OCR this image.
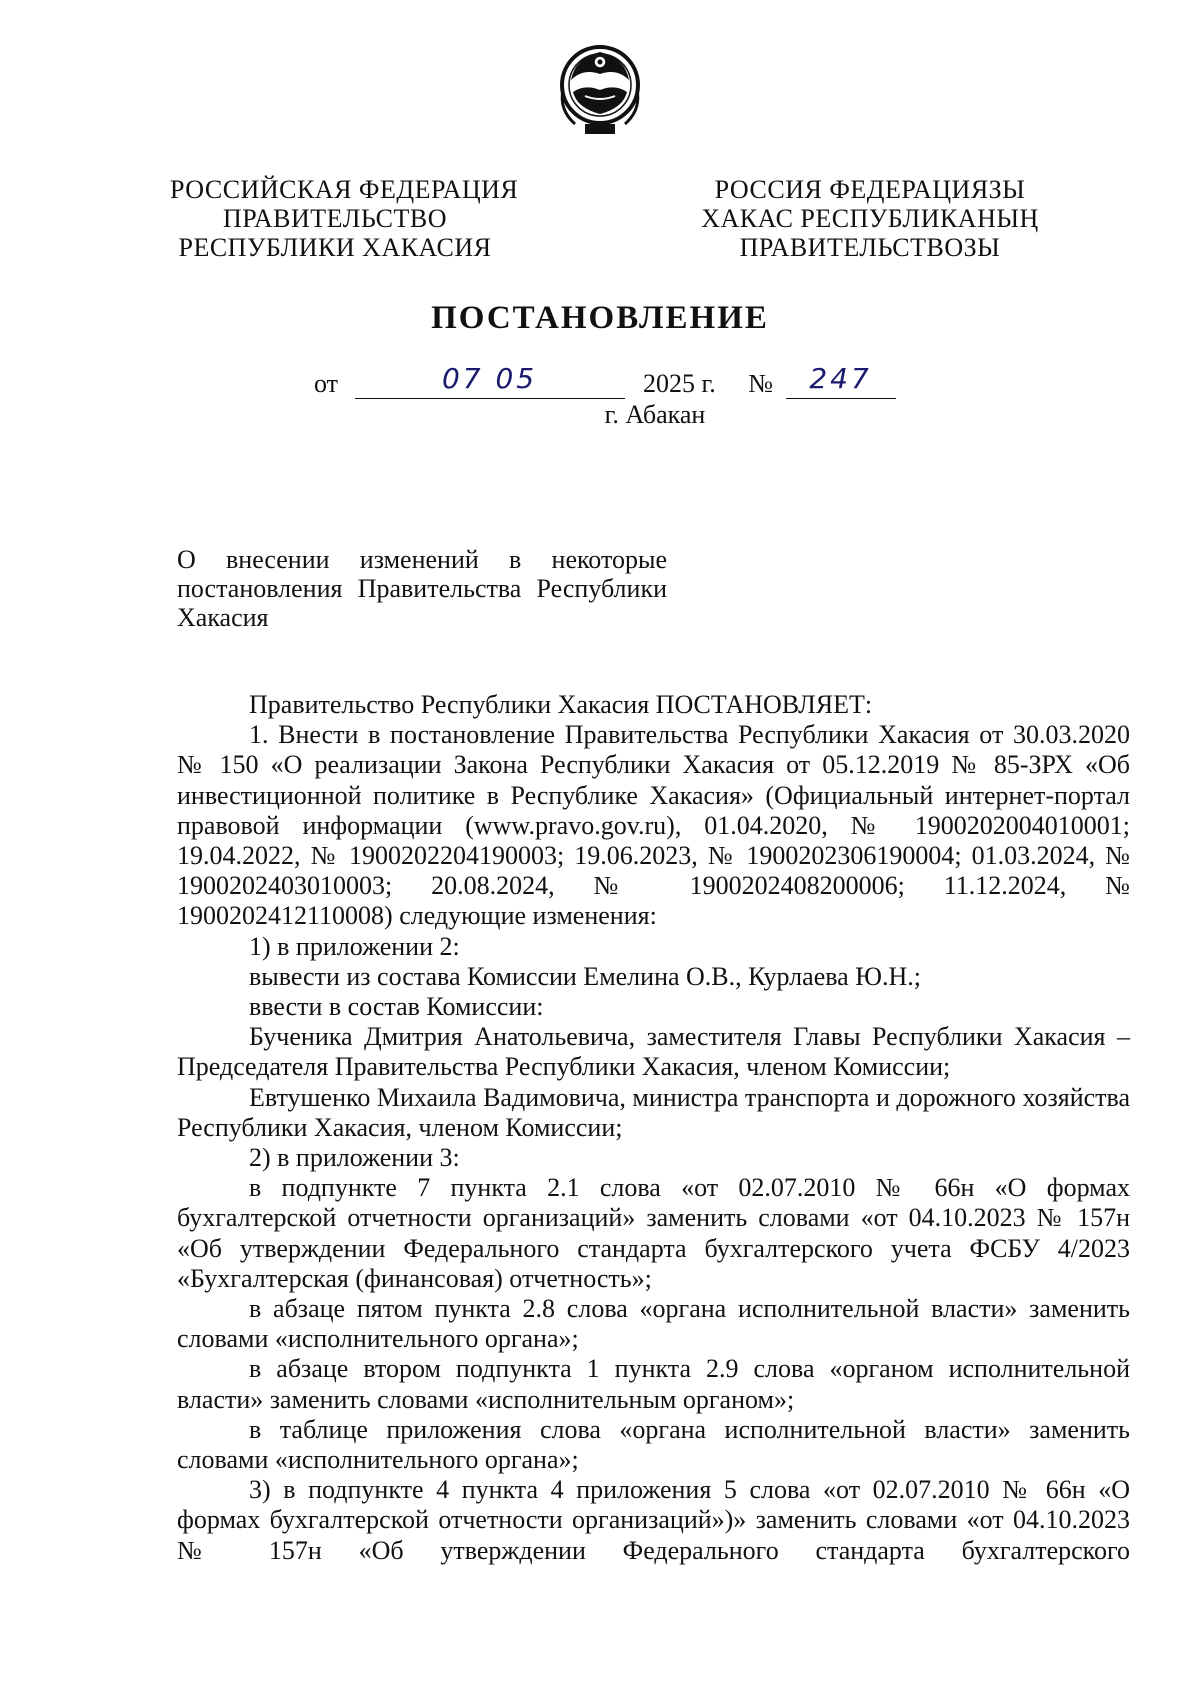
РОССИЙСКАЯ ФЕДЕРАЦИЯ
ПРАВИТЕЛЬСТВО
РЕСПУБЛИКИ ХАКАСИЯ
РОССИЯ ФЕДЕРАЦИЯЗЫ
ХАКАС РЕСПУБЛИКАНЫҢ
ПРАВИТЕЛЬСТВОЗЫ
ПОСТАНОВЛЕНИЕ
от	07 05	2025 г. №	247
г. Абакан
О внесении изменений в некоторые постановления Правительства Республики Хакасия

Правительство Республики Хакасия ПОСТАНОВЛЯЕТ:

1. Внести в постановление Правительства Республики Хакасия от 30.03.2020 № 150 «О реализации Закона Республики Хакасия от 05.12.2019 № 85-ЗРХ «Об инвестиционной политике в Республике Хакасия» (Официальный интернет-портал правовой информации (www.pravo.gov.ru), 01.04.2020, № 1900202004010001; 19.04.2022, № 1900202204190003; 19.06.2023, № 1900202306190004; 01.03.2024, № 1900202403010003; 20.08.2024, № 1900202408200006; 11.12.2024, № 1900202412110008) следующие изменения:

1) в приложении 2:

вывести из состава Комиссии Емелина О.В., Курлаева Ю.Н.;

ввести в состав Комиссии:

Бученика Дмитрия Анатольевича, заместителя Главы Республики Хакасия – Председателя Правительства Республики Хакасия, членом Комиссии;

Евтушенко Михаила Вадимовича, министра транспорта и дорожного хозяйства Республики Хакасия, членом Комиссии;

2) в приложении 3:

в подпункте 7 пункта 2.1 слова «от 02.07.2010 № 66н «О формах бухгалтерской отчетности организаций» заменить словами «от 04.10.2023 № 157н «Об утверждении Федерального стандарта бухгалтерского учета ФСБУ 4/2023 «Бухгалтерская (финансовая) отчетность»;

в абзаце пятом пункта 2.8 слова «органа исполнительной власти» заменить словами «исполнительного органа»;

в абзаце втором подпункта 1 пункта 2.9 слова «органом исполнительной власти» заменить словами «исполнительным органом»;

в таблице приложения слова «органа исполнительной власти» заменить словами «исполнительного органа»;

3) в подпункте 4 пункта 4 приложения 5 слова «от 02.07.2010 № 66н «О формах бухгалтерской отчетности организаций»)» заменить словами «от 04.10.2023 № 157н «Об утверждении Федерального стандарта бухгалтерского
